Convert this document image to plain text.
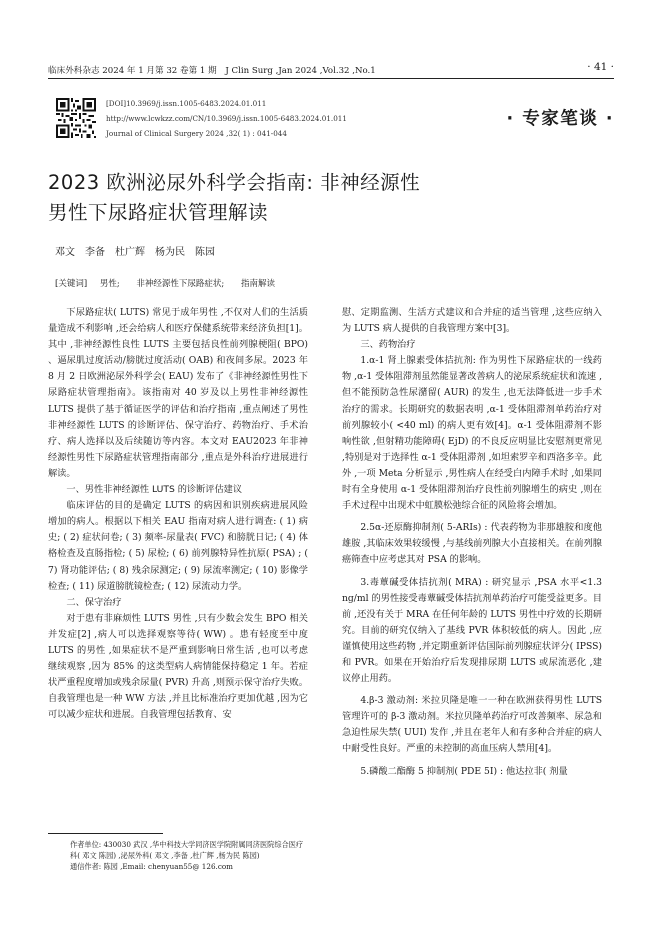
临床外科杂志 2024 年 1 月第 32 卷第 1 期　J Clin Surg ,Jan 2024 ,Vol.32 ,No.1	· 41 ·
[DOI]10.3969/j.issn.1005-6483.2024.01.011
http://www.lcwkzz.com/CN/10.3969/j.issn.1005-6483.2024.01.011
Journal of Clinical Surgery 2024 ,32( 1) : 041-044
· 专家笔谈 ·
2023 欧洲泌尿外科学会指南: 非神经源性
男性下尿路症状管理解读
邓文　李备　杜广辉　杨为民　陈园
[关键词] 男性; 非神经源性下尿路症状; 指南解读

下尿路症状( LUTS) 常见于成年男性 ,不仅对人们的生活质量造成不利影响 ,还会给病人和医疗保健系统带来经济负担[1]。其中 ,非神经源性良性 LUTS 主要包括良性前列腺梗阻( BPO) 、逼尿肌过度活动/膀胱过度活动( OAB) 和夜间多尿。2023 年 8 月 2 日欧洲泌尿外科学会( EAU) 发布了《非神经源性男性下尿路症状管理指南》。该指南对 40 岁及以上男性非神经源性 LUTS 提供了基于循证医学的评估和治疗指南 ,重点阐述了男性非神经源性 LUTS 的诊断评估、保守治疗、药物治疗、手术治疗、病人选择以及后续随访等内容。本文对 EAU2023 年非神经源性男性下尿路症状管理指南部分 ,重点是外科治疗进展进行解读。

一、男性非神经源性 LUTS 的诊断评估建议

临床评估的目的是确定 LUTS 的病因和识别疾病进展风险增加的病人。根据以下相关 EAU 指南对病人进行调查: ( 1) 病史; ( 2) 症状问卷; ( 3) 频率-尿量表( FVC) 和膀胱日记; ( 4) 体格检查及直肠指检; ( 5) 尿检; ( 6) 前列腺特异性抗原( PSA) ; ( 7) 肾功能评估; ( 8) 残余尿测定; ( 9) 尿流率测定; ( 10) 影像学检查; ( 11) 尿道膀胱镜检查; ( 12) 尿流动力学。

二、保守治疗

对于患有非麻烦性 LUTS 男性 ,只有少数会发生 BPO 相关并发症[2] ,病人可以选择观察等待( WW) 。患有轻度至中度 LUTS 的男性 ,如果症状不是严重到影响日常生活 ,也可以考虑继续观察 ,因为 85% 的这类型病人病情能保持稳定 1 年。若症状严重程度增加或残余尿量( PVR) 升高 ,则预示保守治疗失败。自我管理也是一种 WW 方法 ,并且比标准治疗更加优越 ,因为它可以减少症状和进展。自我管理包括教育、安

慰、定期监测、生活方式建议和合并症的适当管理 ,这些应纳入为 LUTS 病人提供的自我管理方案中[3]。

三、药物治疗

1.α-1 肾上腺素受体拮抗剂: 作为男性下尿路症状的一线药物 ,α-1 受体阻滞剂虽然能显著改善病人的泌尿系统症状和流速 ,但不能预防急性尿潴留( AUR) 的发生 ,也无法降低进一步手术治疗的需求。长期研究的数据表明 ,α-1 受体阻滞剂单药治疗对前列腺较小( <40 ml) 的病人更有效[4]。α-1 受体阻滞剂不影响性欲 ,但射精功能障碍( EjD) 的不良反应明显比安慰剂更常见 ,特别是对于选择性 α-1 受体阻滞剂 ,如坦索罗辛和西洛多辛。此外 ,一项 Meta 分析显示 ,男性病人在经受白内障手术时 ,如果同时有全身使用 α-1 受体阻滞剂治疗良性前列腺增生的病史 ,则在手术过程中出现术中虹膜松弛综合征的风险将会增加。

2.5α-还原酶抑制剂( 5-ARIs) : 代表药物为非那雄胺和度他雄胺 ,其临床效果较缓慢 ,与基线前列腺大小直接相关。在前列腺癌筛查中应考虑其对 PSA 的影响。

3.毒蕈碱受体拮抗剂( MRA) : 研究显示 ,PSA 水平<1.3 ng/ml 的男性接受毒蕈碱受体拮抗剂单药治疗可能受益更多。目前 ,还没有关于 MRA 在任何年龄的 LUTS 男性中疗效的长期研究。目前的研究仅纳入了基线 PVR 体积较低的病人。因此 ,应谨慎使用这些药物 ,并定期重新评估国际前列腺症状评分( IPSS) 和 PVR。如果在开始治疗后发现排尿期 LUTS 或尿流恶化 ,建议停止用药。

4.β-3 激动剂: 米拉贝隆是唯一一种在欧洲获得男性 LUTS 管理许可的 β-3 激动剂。米拉贝隆单药治疗可改善频率、尿急和急迫性尿失禁( UUI) 发作 ,并且在老年人和有多种合并症的病人中耐受性良好。严重的未控制的高血压病人禁用[4]。

5.磷酸二酯酶 5 抑制剂( PDE 5I) : 他达拉非( 剂量

作者单位: 430030 武汉 ,华中科技大学同济医学院附属同济医院综合医疗科( 邓文 陈园) ,泌尿外科( 邓文 ,李备 ,杜广辉 ,杨为民 陈园)
通信作者: 陈园 ,Email: chenyuan55@ 126.com
